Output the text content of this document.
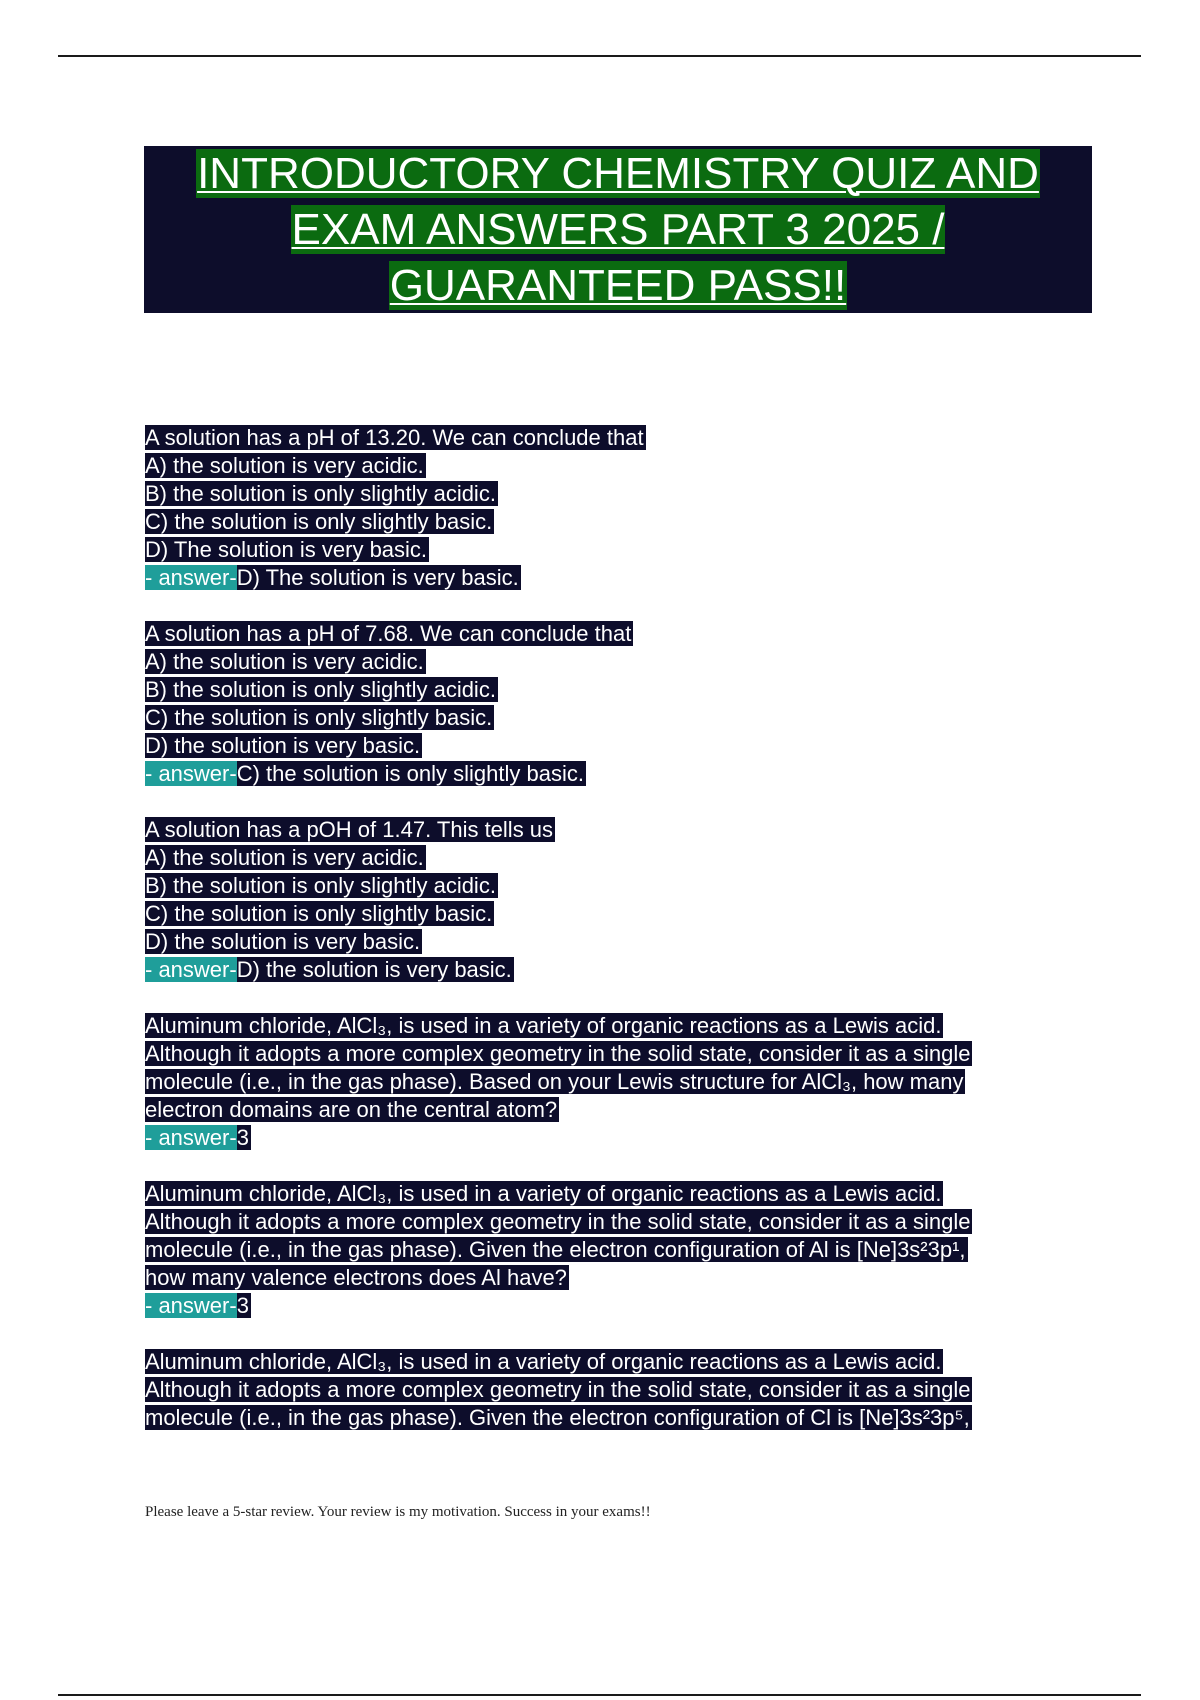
INTRODUCTORY CHEMISTRY QUIZ AND
EXAM ANSWERS PART 3 2025 /
GUARANTEED PASS!!
A solution has a pH of 13.20. We can conclude that
A) the solution is very acidic.
B) the solution is only slightly acidic.
C) the solution is only slightly basic.
D) The solution is very basic.
- answer-D) The solution is very basic.
A solution has a pH of 7.68. We can conclude that
A) the solution is very acidic.
B) the solution is only slightly acidic.
C) the solution is only slightly basic.
D) the solution is very basic.
- answer-C) the solution is only slightly basic.
A solution has a pOH of 1.47. This tells us
A) the solution is very acidic.
B) the solution is only slightly acidic.
C) the solution is only slightly basic.
D) the solution is very basic.
- answer-D) the solution is very basic.
Aluminum chloride, AlCl₃, is used in a variety of organic reactions as a Lewis acid.
Although it adopts a more complex geometry in the solid state, consider it as a single
molecule (i.e., in the gas phase). Based on your Lewis structure for AlCl₃, how many
electron domains are on the central atom?
- answer-3
Aluminum chloride, AlCl₃, is used in a variety of organic reactions as a Lewis acid.
Although it adopts a more complex geometry in the solid state, consider it as a single
molecule (i.e., in the gas phase). Given the electron configuration of Al is [Ne]3s²3p¹,
how many valence electrons does Al have?
- answer-3
Aluminum chloride, AlCl₃, is used in a variety of organic reactions as a Lewis acid.
Although it adopts a more complex geometry in the solid state, consider it as a single
molecule (i.e., in the gas phase). Given the electron configuration of Cl is [Ne]3s²3p⁵,
Please leave a 5-star review. Your review is my motivation. Success in your exams!!
